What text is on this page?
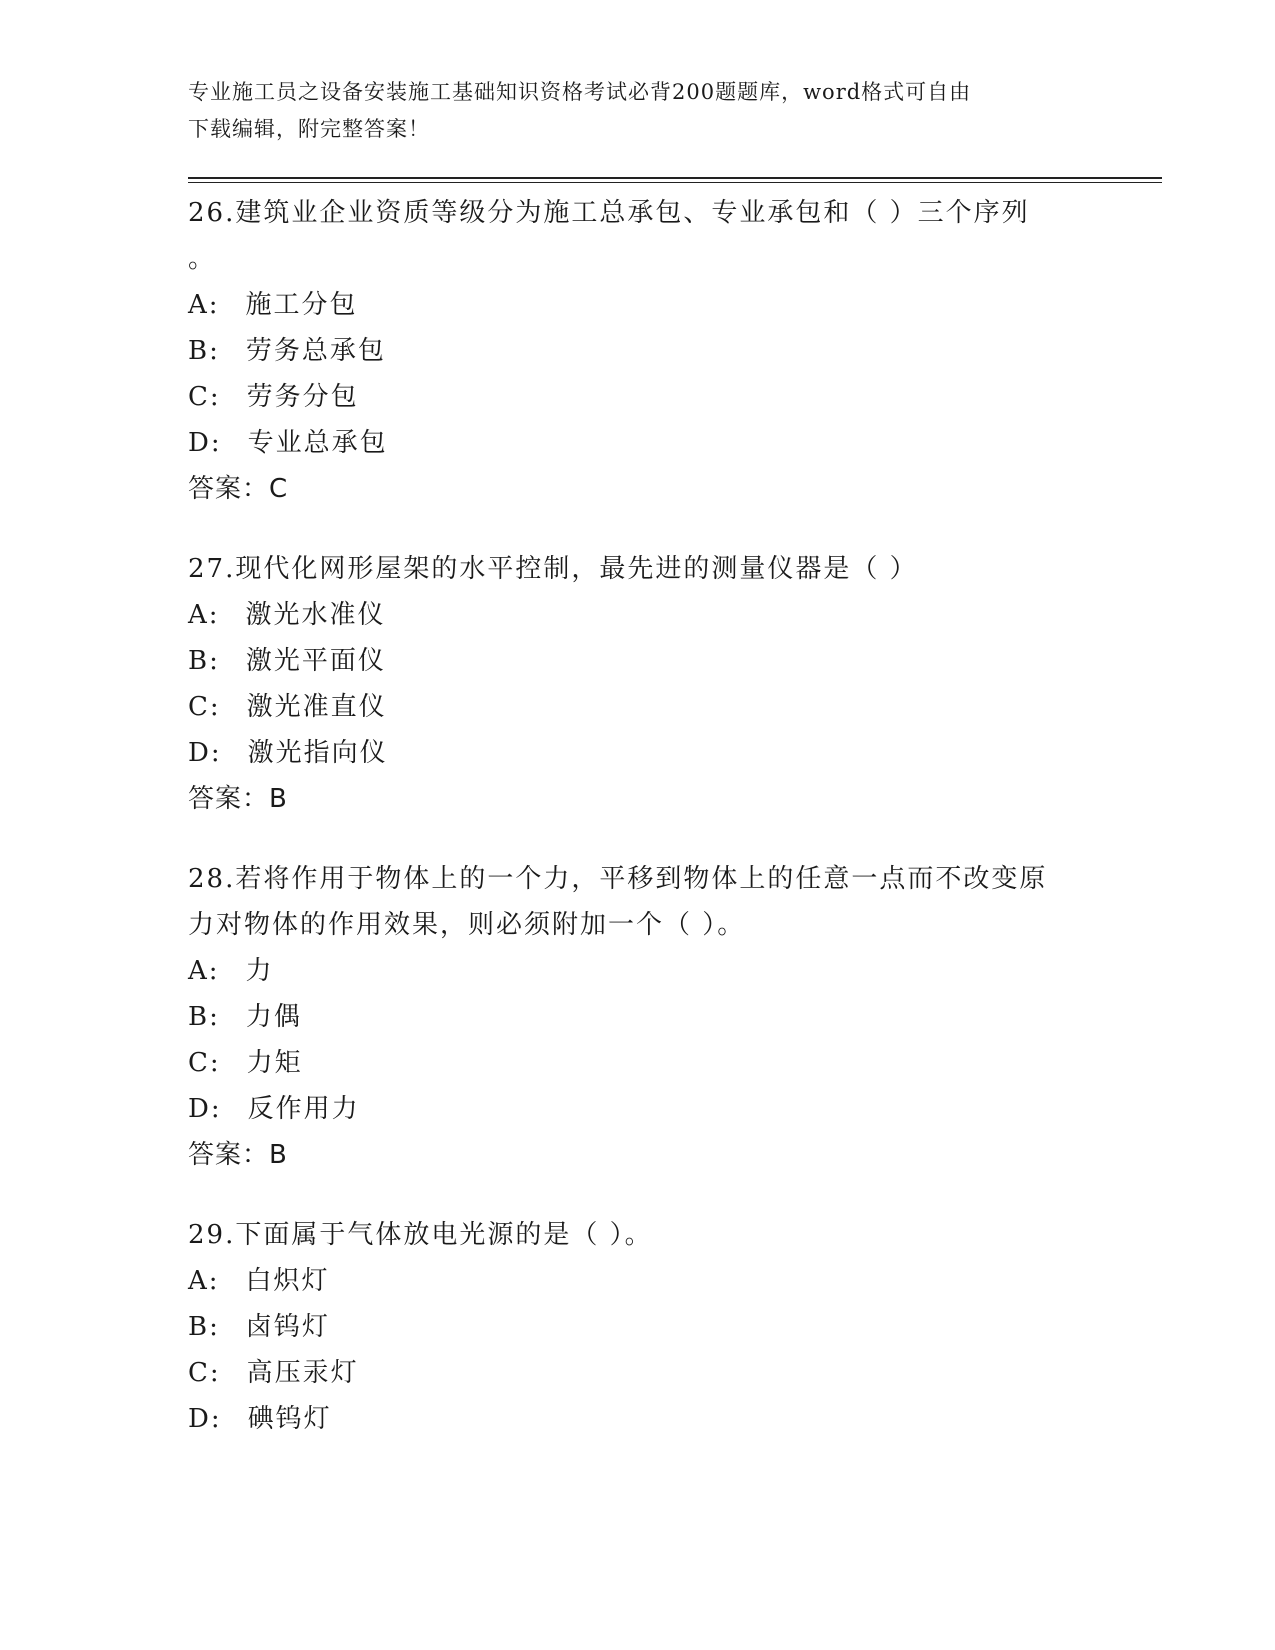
专业施工员之设备安装施工基础知识资格考试必背200题题库，word格式可自由
下载编辑，附完整答案！
26.建筑业企业资质等级分为施工总承包、专业承包和（ ）三个序列
。
A: 施工分包
B: 劳务总承包
C: 劳务分包
D: 专业总承包
答案：C
27.现代化网形屋架的水平控制，最先进的测量仪器是（ ）
A: 激光水准仪
B: 激光平面仪
C: 激光准直仪
D: 激光指向仪
答案：B
28.若将作用于物体上的一个力，平移到物体上的任意一点而不改变原
力对物体的作用效果，则必须附加一个（ ）。
A: 力
B: 力偶
C: 力矩
D: 反作用力
答案：B
29.下面属于气体放电光源的是（ ）。
A: 白炽灯
B: 卤钨灯
C: 高压汞灯
D: 碘钨灯
